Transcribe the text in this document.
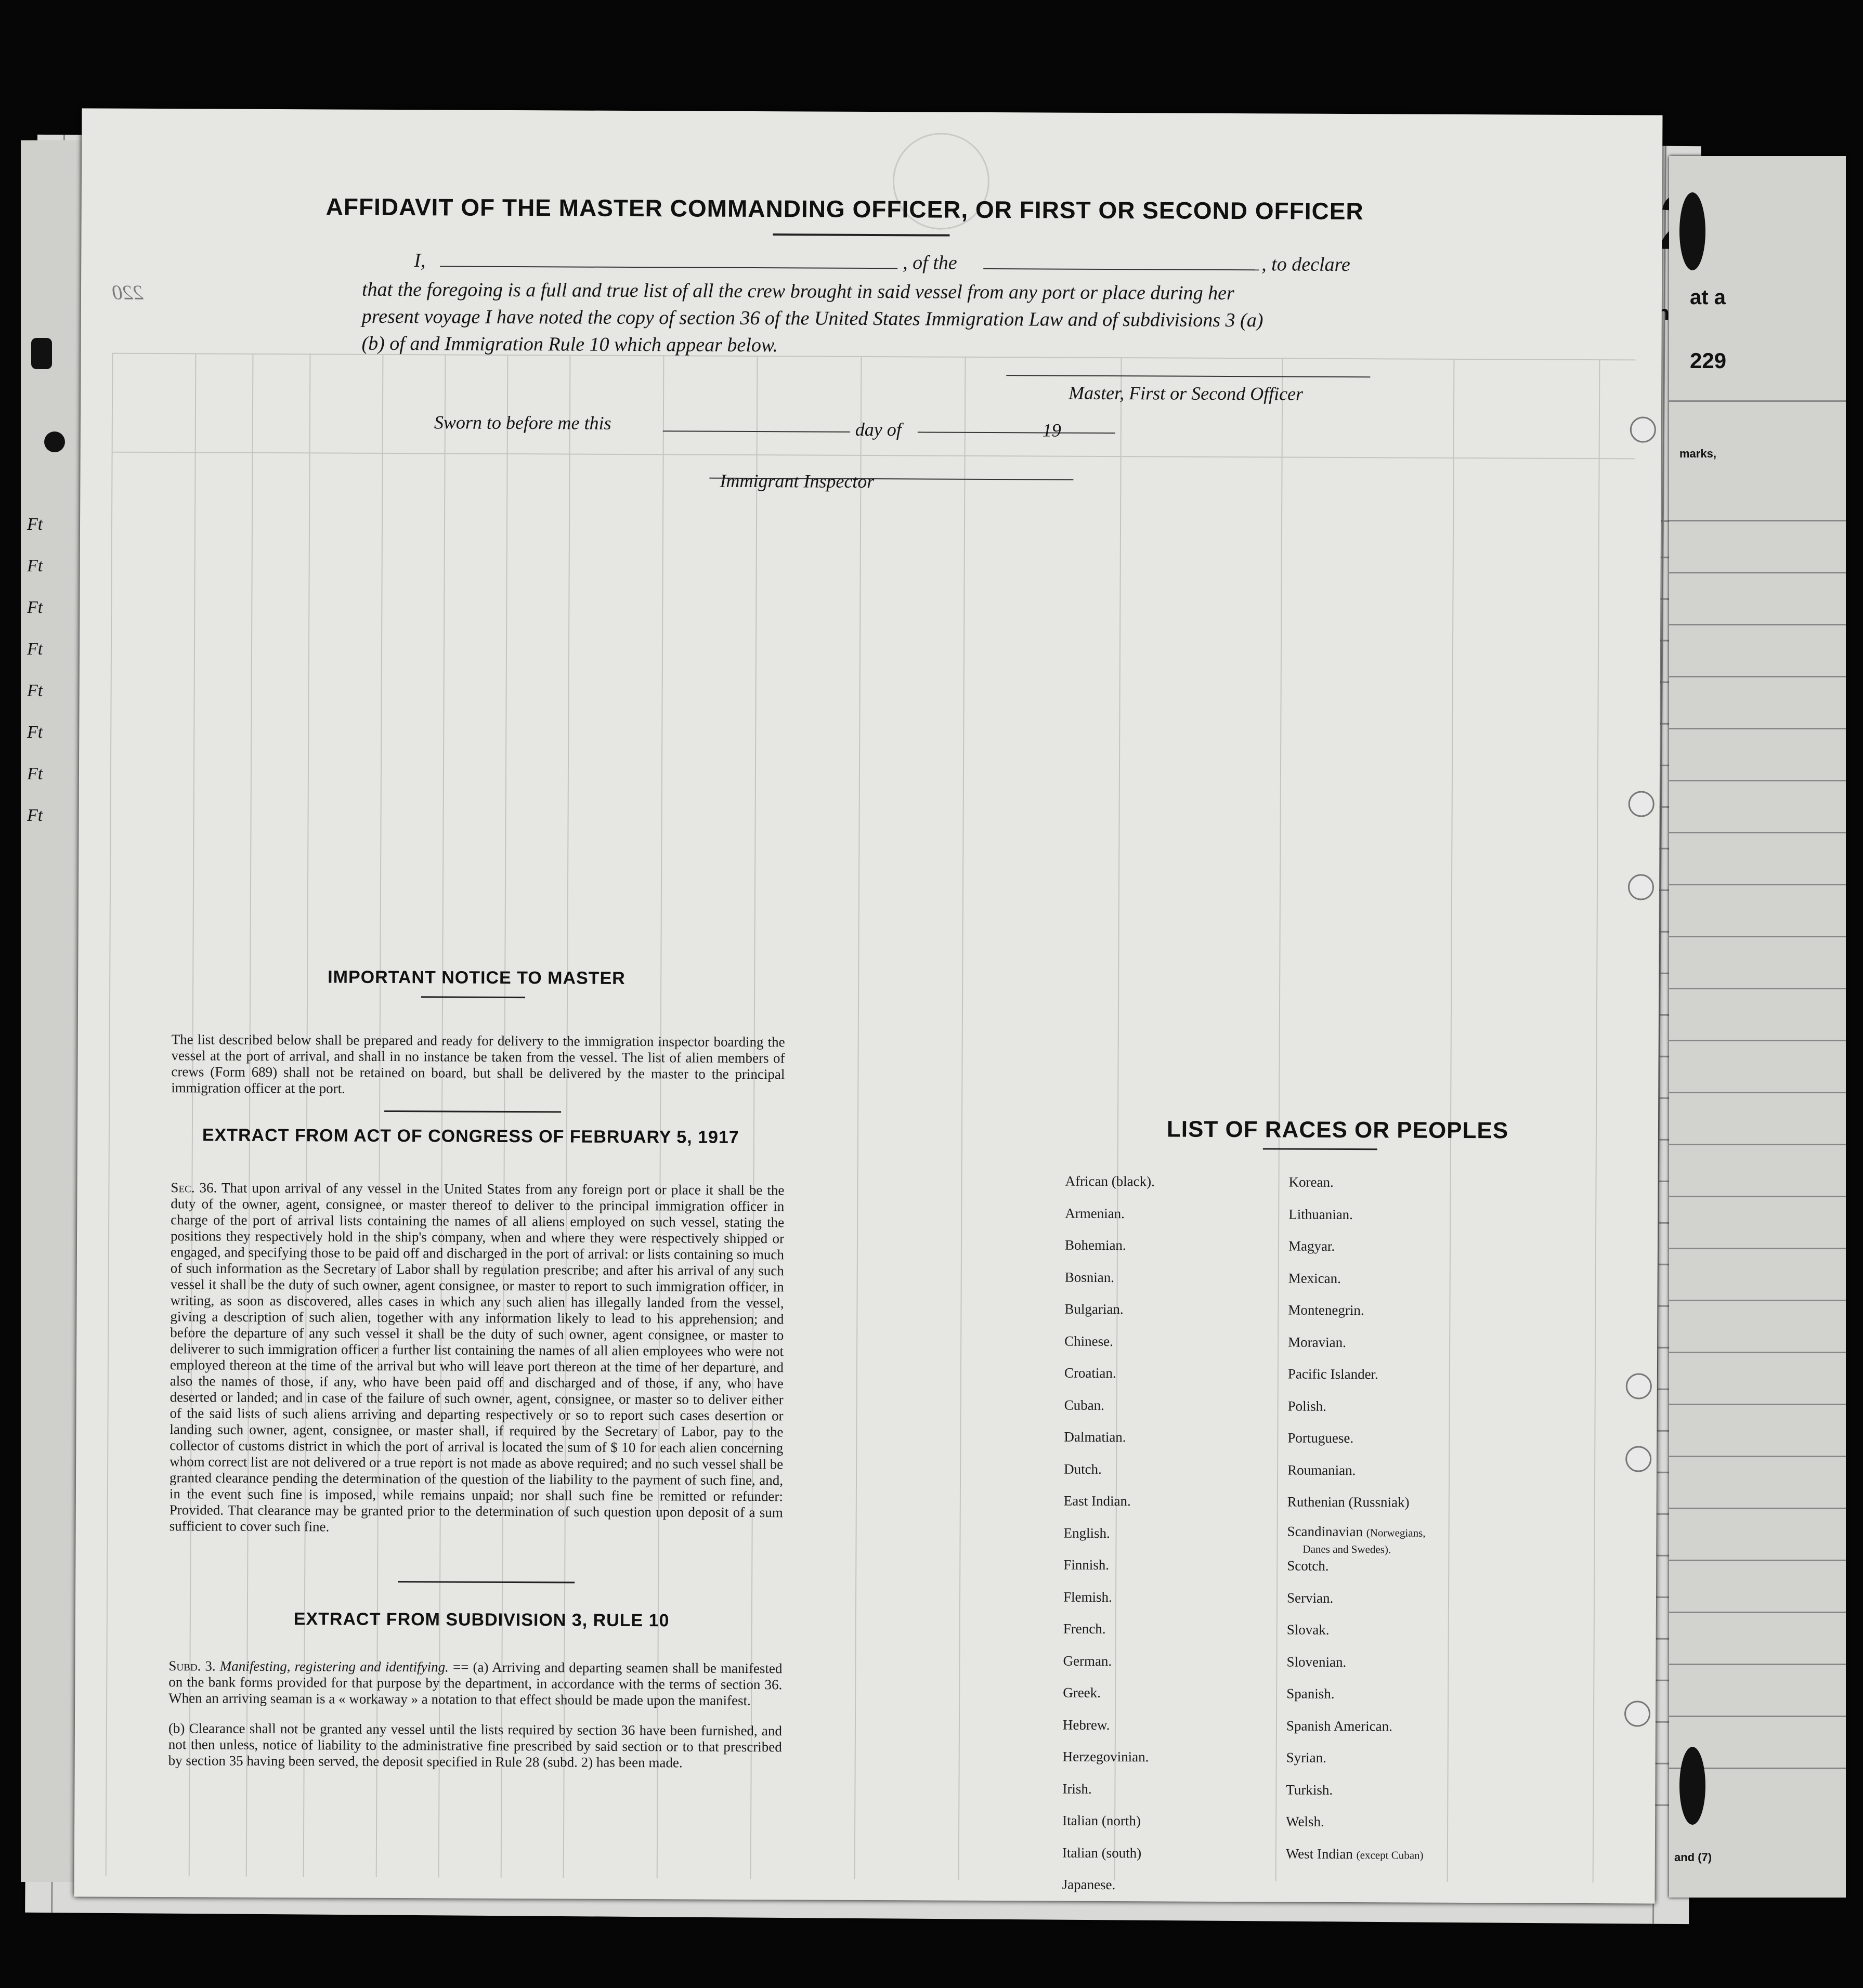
at a
229
marks,
and (7)
Ft
Ft
Ft
Ft
Ft
Ft
Ft
Ft
AFFIDAVIT OF THE MASTER COMMANDING OFFICER, OR FIRST OR SECOND OFFICER
I,	, of the	, to declare
that the foregoing is a full and true list of all the crew brought in said vessel from any port or place during her
present voyage I have noted the copy of section 36 of the United States Immigration Law and of subdivisions 3 (a)
(b) of and Immigration Rule 10 which appear below.
Master, First or Second Officer
Sworn to before me this	day of	19
Immigrant Inspector
IMPORTANT NOTICE TO MASTER
The list described below shall be prepared and ready for delivery to the immigration inspector boarding the vessel at the port of arrival, and shall in no instance be taken from the vessel. The list of alien members of crews (Form 689) shall not be retained on board, but shall be delivered by the master to the principal immigration officer at the port.
EXTRACT FROM ACT OF CONGRESS OF FEBRUARY 5, 1917
Sec. 36. That upon arrival of any vessel in the United States from any foreign port or place it shall be the duty of the owner, agent, consignee, or master thereof to deliver to the principal immigration officer in charge of the port of arrival lists containing the names of all aliens employed on such vessel, stating the positions they respectively hold in the ship's company, when and where they were respectively shipped or engaged, and specifying those to be paid off and discharged in the port of arrival: or lists containing so much of such information as the Secretary of Labor shall by regulation prescribe; and after his arrival of any such vessel it shall be the duty of such owner, agent consignee, or master to report to such immigration officer, in writing, as soon as discovered, alles cases in which any such alien has illegally landed from the vessel, giving a description of such alien, together with any information likely to lead to his apprehension; and before the departure of any such vessel it shall be the duty of such owner, agent consignee, or master to deliverer to such immigration officer a further list containing the names of all alien employees who were not employed thereon at the time of the arrival but who will leave port thereon at the time of her departure, and also the names of those, if any, who have been paid off and discharged and of those, if any, who have deserted or landed; and in case of the failure of such owner, agent, consignee, or master so to deliver either of the said lists of such aliens arriving and departing respectively or so to report such cases desertion or landing such owner, agent, consignee, or master shall, if required by the Secretary of Labor, pay to the collector of customs district in which the port of arrival is located the sum of $ 10 for each alien concerning whom correct list are not delivered or a true report is not made as above required; and no such vessel shall be granted clearance pending the determination of the question of the liability to the payment of such fine, and, in the event such fine is imposed, while remains unpaid; nor shall such fine be remitted or refunder: Provided. That clearance may be granted prior to the determination of such question upon deposit of a sum sufficient to cover such fine.
EXTRACT FROM SUBDIVISION 3, RULE 10
Subd. 3. Manifesting, registering and identifying. == (a) Arriving and departing seamen shall be manifested on the bank forms provided for that purpose by the department, in accordance with the terms of section 36. When an arriving seaman is a « workaway » a notation to that effect should be made upon the manifest.
(b) Clearance shall not be granted any vessel until the lists required by section 36 have been furnished, and not then unless, notice of liability to the administrative fine prescribed by said section or to that prescribed by section 35 having been served, the deposit specified in Rule 28 (subd. 2) has been made.
LIST OF RACES OR PEOPLES
African (black).
Armenian.
Bohemian.
Bosnian.
Bulgarian.
Chinese.
Croatian.
Cuban.
Dalmatian.
Dutch.
East Indian.
English.
Finnish.
Flemish.
French.
German.
Greek.
Hebrew.
Herzegovinian.
Irish.
Italian (north)
Italian (south)
Japanese.
Korean.
Lithuanian.
Magyar.
Mexican.
Montenegrin.
Moravian.
Pacific Islander.
Polish.
Portuguese.
Roumanian.
Ruthenian (Russniak)
Scandinavian (Norwegians,
Danes and Swedes).
Scotch.
Servian.
Slovak.
Slovenian.
Spanish.
Spanish American.
Syrian.
Turkish.
Welsh.
West Indian (except Cuban)
220
